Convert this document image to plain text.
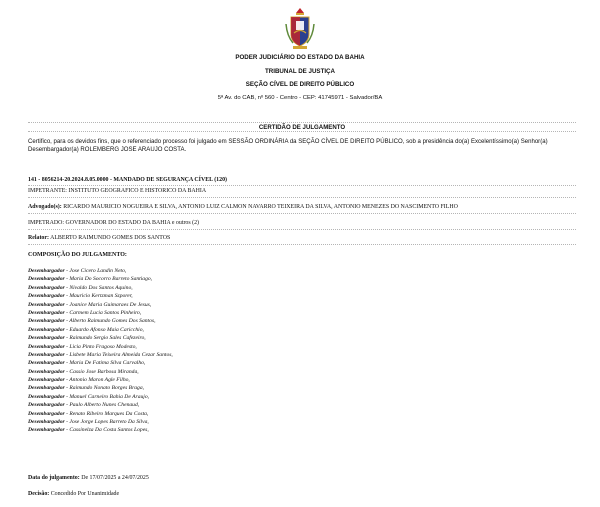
PODER JUDICIÁRIO DO ESTADO DA BAHIA
TRIBUNAL DE JUSTIÇA
SEÇÃO CÍVEL DE DIREITO PÚBLICO
5ª Av. do CAB, nº 560 - Centro - CEP: 41745971 - Salvador/BA
CERTIDÃO DE JULGAMENTO
Certifico, para os devidos fins, que o referenciado processo foi julgado em SESSÃO ORDINÁRIA da SEÇÃO CÍVEL DE DIREITO PÚBLICO, sob a presidência do(a) Excelentíssimo(a) Senhor(a) Desembargador(a) ROLEMBERG JOSE ARAUJO COSTA.
141 - 8056214-20.2024.8.05.0000 - MANDADO DE SEGURANÇA CÍVEL (120)
IMPETRANTE: INSTITUTO GEOGRAFICO E HISTORICO DA BAHIA
Advogado(s): RICARDO MAURICIO NOGUEIRA E SILVA, ANTONIO LUIZ CALMON NAVARRO TEIXEIRA DA SILVA, ANTONIO MENEZES DO NASCIMENTO FILHO
IMPETRADO: GOVERNADOR DO ESTADO DA BAHIA e outros (2)
Relator: ALBERTO RAIMUNDO GOMES DOS SANTOS
COMPOSIÇÃO DO JULGAMENTO:
Desembargador - Jose Cicero Landin Neto,
Desembargador - Maria Do Socorro Barreto Santiago,
Desembargador - Nivaldo Dos Santos Aquino,
Desembargador - Mauricio Kertzman Szporer,
Desembargador - Joanice Maria Guimaraes De Jesus,
Desembargador - Carmem Lucia Santos Pinheiro,
Desembargador - Alberto Raimundo Gomes Dos Santos,
Desembargador - Eduardo Afonso Maia Caricchio,
Desembargador - Raimundo Sergio Sales Cafezeiro,
Desembargador - Licia Pinto Fragoso Modesto,
Desembargador - Lisbete Maria Teixeira Almeida Cezar Santos,
Desembargador - Maria De Fatima Silva Carvalho,
Desembargador - Cassio Jose Barbosa Miranda,
Desembargador - Antonio Maron Agle Filho,
Desembargador - Raimundo Nonato Borges Braga,
Desembargador - Manuel Carneiro Bahia De Araujo,
Desembargador - Paulo Alberto Nunes Chenaud,
Desembargador - Renato Ribeiro Marques Da Costa,
Desembargador - Jose Jorge Lopes Barreto Da Silva,
Desembargador - Cassinelza Da Costa Santos Lopes,
Data do julgamento: De 17/07/2025 a 24/07/2025
Decisão: Concedido Por Unanimidade
